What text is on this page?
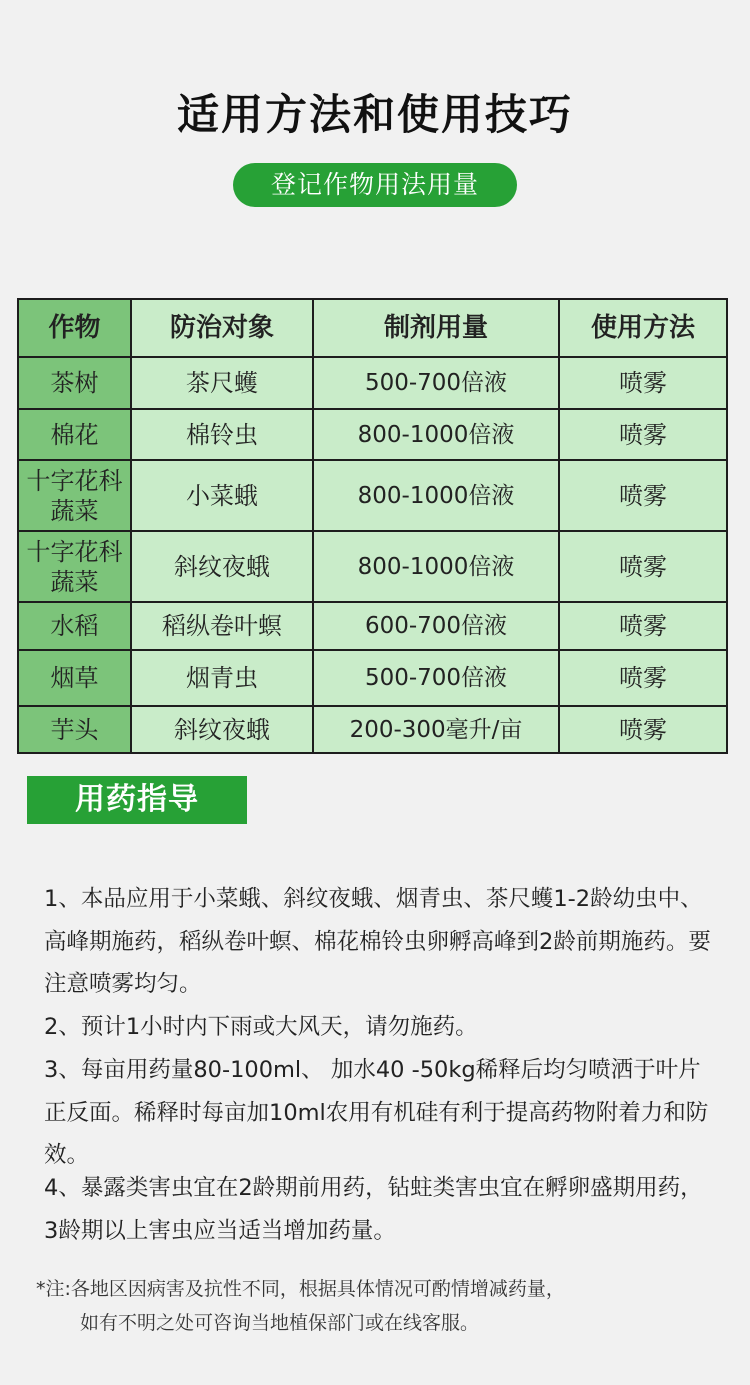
适用方法和使用技巧
登记作物用法用量
作物	防治对象	制剂用量	使用方法
茶树	茶尺蠖	500-700倍液	喷雾
棉花	棉铃虫	800-1000倍液	喷雾
十字花科蔬菜	小菜蛾	800-1000倍液	喷雾
十字花科蔬菜	斜纹夜蛾	800-1000倍液	喷雾
水稻	稻纵卷叶螟	600-700倍液	喷雾
烟草	烟青虫	500-700倍液	喷雾
芋头	斜纹夜蛾	200-300毫升/亩	喷雾
用药指导
1、本品应用于小菜蛾、斜纹夜蛾、烟青虫、茶尺蠖1-2龄幼虫中、高峰期施药，稻纵卷叶螟、棉花棉铃虫卵孵高峰到2龄前期施药。要注意喷雾均匀。
2、预计1小时内下雨或大风天，请勿施药。
3、每亩用药量80-100ml、 加水40 -50kg稀释后均匀喷洒于叶片正反面。稀释时每亩加10ml农用有机硅有利于提高药物附着力和防效。
4、暴露类害虫宜在2龄期前用药，钻蛀类害虫宜在孵卵盛期用药，3龄期以上害虫应当适当增加药量。
*注:各地区因病害及抗性不同，根据具体情况可酌情增减药量，
如有不明之处可咨询当地植保部门或在线客服。
